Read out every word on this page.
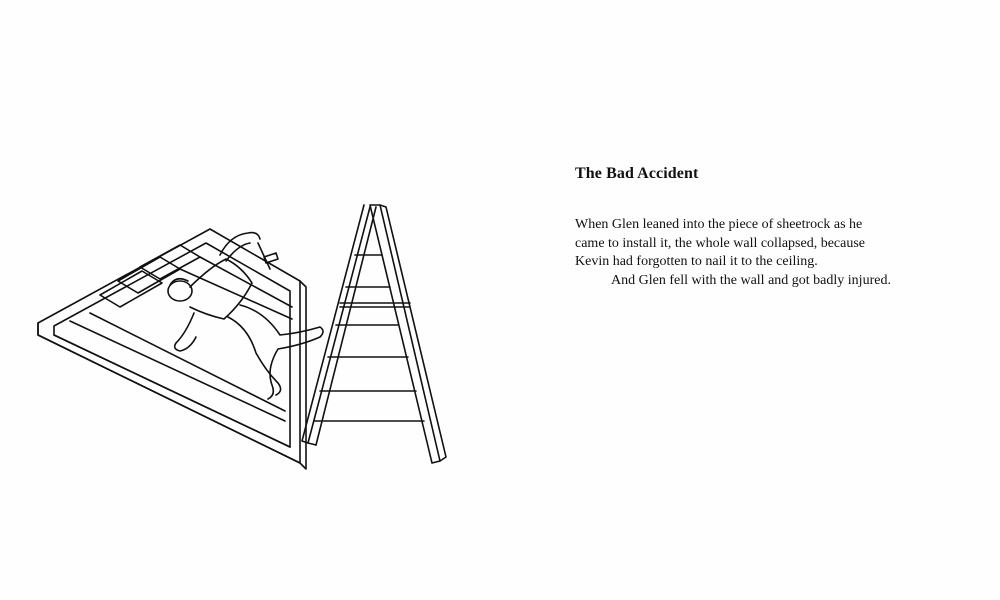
The Bad Accident

When Glen leaned into the piece of sheetrock as he
came to install it, the whole wall collapsed, because
Kevin had forgotten to nail it to the ceiling.
And Glen fell with the wall and got badly injured.
